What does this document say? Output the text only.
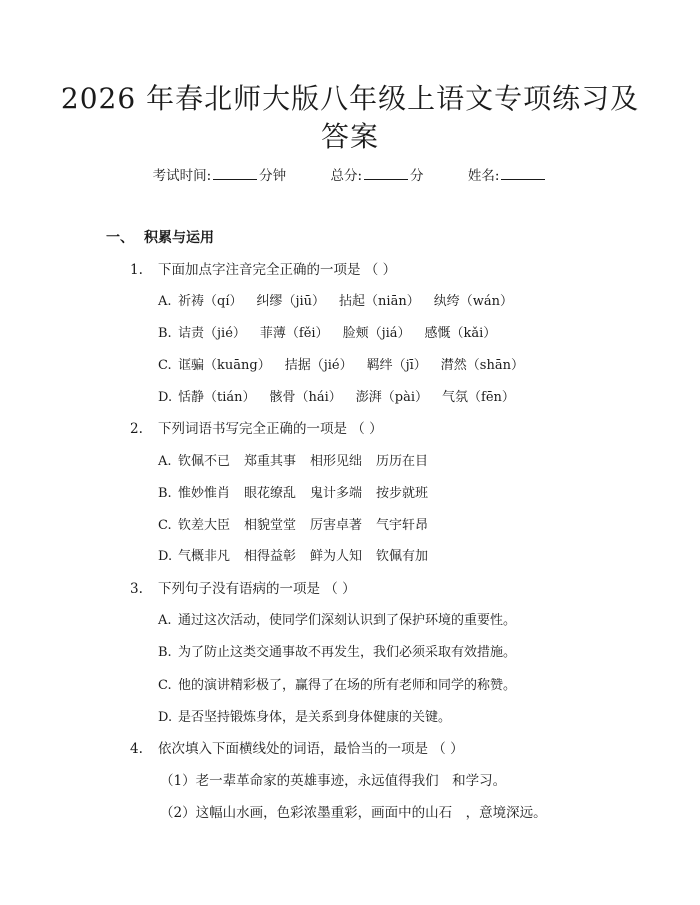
2026 年春北师大版八年级上语文专项练习及
答案
考试时间:	分钟	总分:	分	姓名:
一、 积累与运用
1. 下面加点字注音完全正确的一项是 （ ）
A. 祈祷（qí） 纠缪（jiū） 拈起（niān） 纨绔（wán）
B. 诘责（jié） 菲薄（fěi） 脸颊（jiá） 感慨（kǎi）
C. 诓骗（kuāng） 拮据（jié） 羁绊（jī） 潸然（shān）
D. 恬静（tián） 骸骨（hái） 澎湃（pài） 气氛（fēn）
2. 下列词语书写完全正确的一项是 （ ）
A. 钦佩不已 郑重其事 相形见绌 历历在目
B. 惟妙惟肖 眼花缭乱 鬼计多端 按步就班
C. 钦差大臣 相貌堂堂 厉害卓著 气宇轩昂
D. 气概非凡 相得益彰 鲜为人知 钦佩有加
3. 下列句子没有语病的一项是 （ ）
A. 通过这次活动，使同学们深刻认识到了保护环境的重要性。
B. 为了防止这类交通事故不再发生，我们必须采取有效措施。
C. 他的演讲精彩极了，赢得了在场的所有老师和同学的称赞。
D. 是否坚持锻炼身体，是关系到身体健康的关键。
4. 依次填入下面横线处的词语，最恰当的一项是 （ ）
（1）老一辈革命家的英雄事迹，永远值得我们　和学习。
（2）这幅山水画，色彩浓墨重彩，画面中的山石　，意境深远。
